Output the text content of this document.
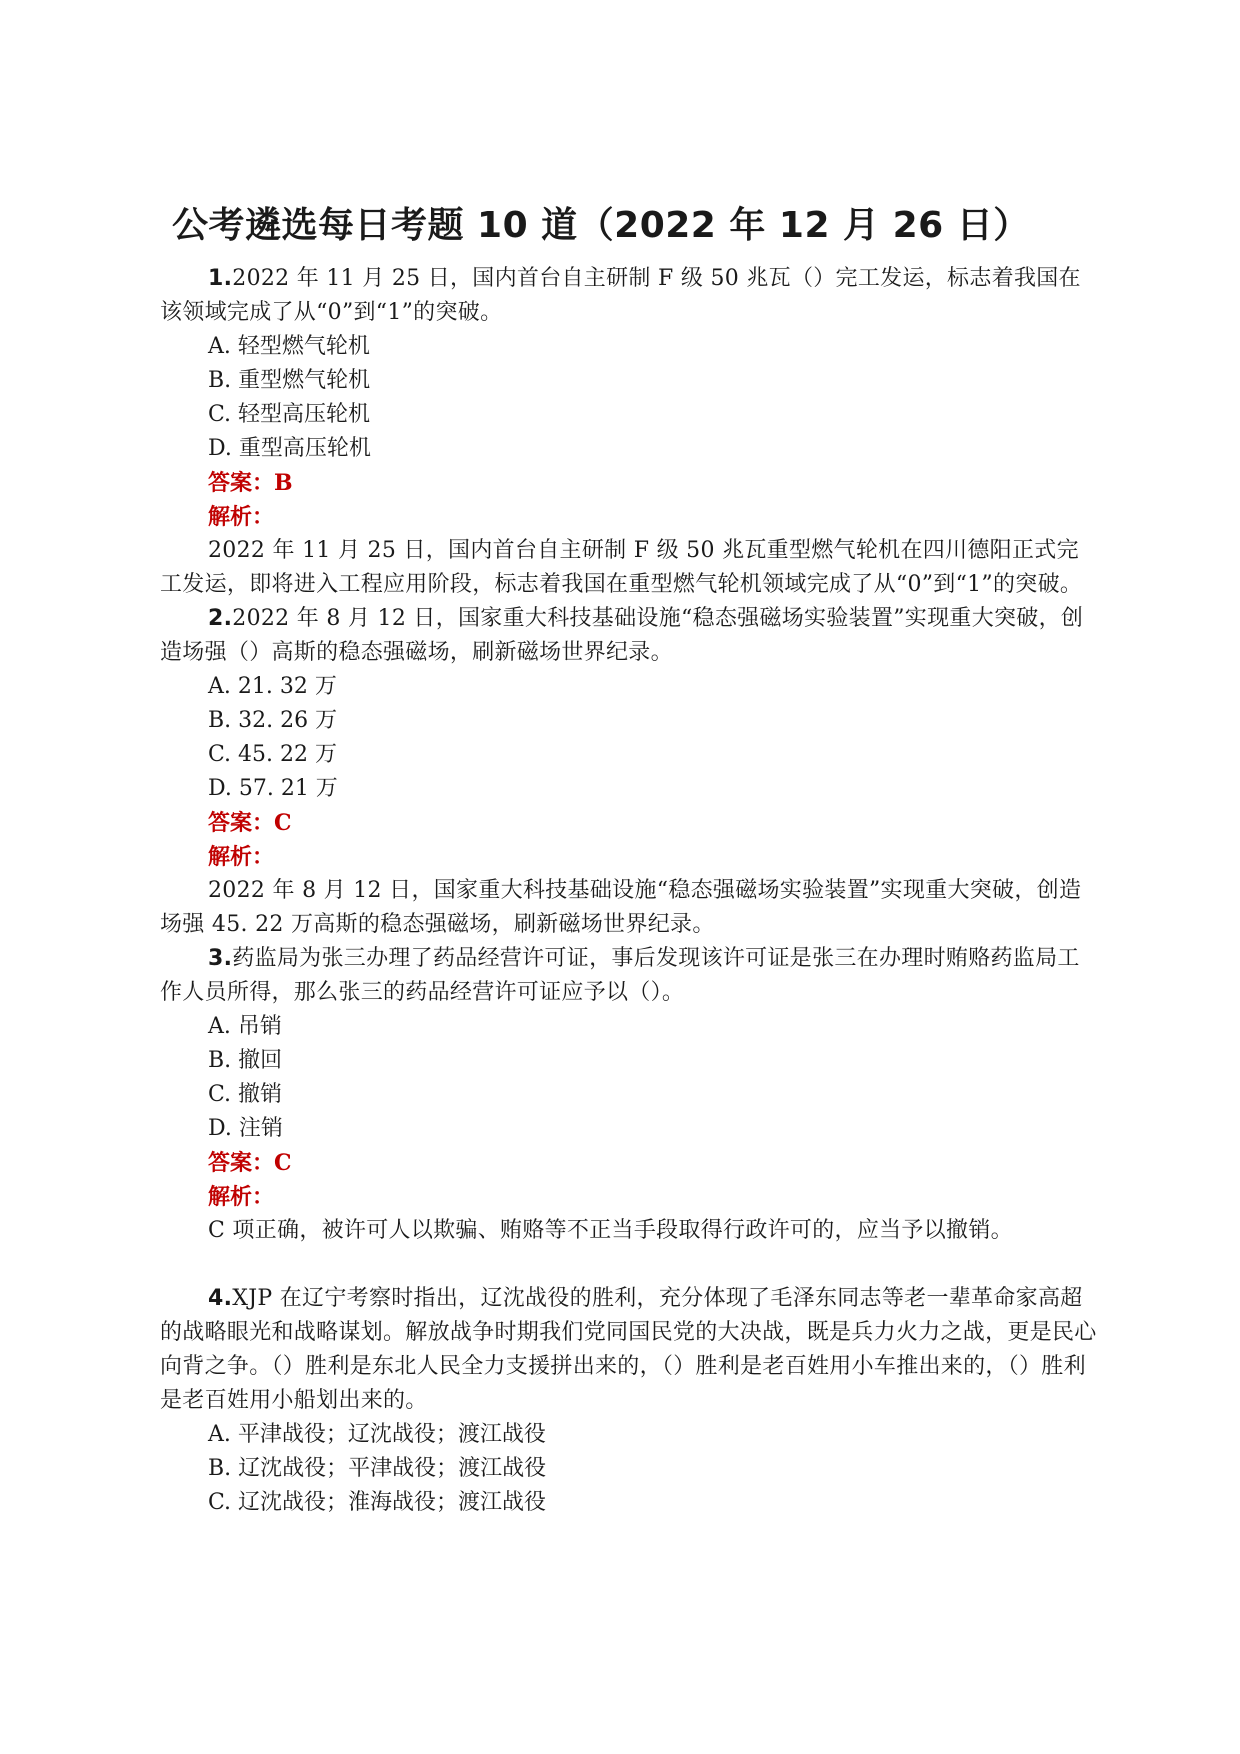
公考遴选每日考题 10 道（2022 年 12 月 26 日）

1.2022 年 11 月 25 日，国内首台自主研制 F 级 50 兆瓦（）完工发运，标志着我国在该领域完成了从“0”到“1”的突破。

A. 轻型燃气轮机

B. 重型燃气轮机

C. 轻型高压轮机

D. 重型高压轮机

答案：B

解析：

2022 年 11 月 25 日，国内首台自主研制 F 级 50 兆瓦重型燃气轮机在四川德阳正式完工发运，即将进入工程应用阶段，标志着我国在重型燃气轮机领域完成了从“0”到“1”的突破。

2.2022 年 8 月 12 日，国家重大科技基础设施“稳态强磁场实验装置”实现重大突破，创造场强（）高斯的稳态强磁场，刷新磁场世界纪录。

A. 21. 32 万

B. 32. 26 万

C. 45. 22 万

D. 57. 21 万

答案：C

解析：

2022 年 8 月 12 日，国家重大科技基础设施“稳态强磁场实验装置”实现重大突破，创造场强 45. 22 万高斯的稳态强磁场，刷新磁场世界纪录。

3.药监局为张三办理了药品经营许可证，事后发现该许可证是张三在办理时贿赂药监局工作人员所得，那么张三的药品经营许可证应予以（）。

A. 吊销

B. 撤回

C. 撤销

D. 注销

答案：C

解析：

C 项正确，被许可人以欺骗、贿赂等不正当手段取得行政许可的，应当予以撤销。

4.XJP 在辽宁考察时指出，辽沈战役的胜利，充分体现了毛泽东同志等老一辈革命家高超的战略眼光和战略谋划。解放战争时期我们党同国民党的大决战，既是兵力火力之战，更是民心向背之争。（）胜利是东北人民全力支援拼出来的，（）胜利是老百姓用小车推出来的，（）胜利是老百姓用小船划出来的。

A. 平津战役；辽沈战役；渡江战役

B. 辽沈战役；平津战役；渡江战役

C. 辽沈战役；淮海战役；渡江战役
